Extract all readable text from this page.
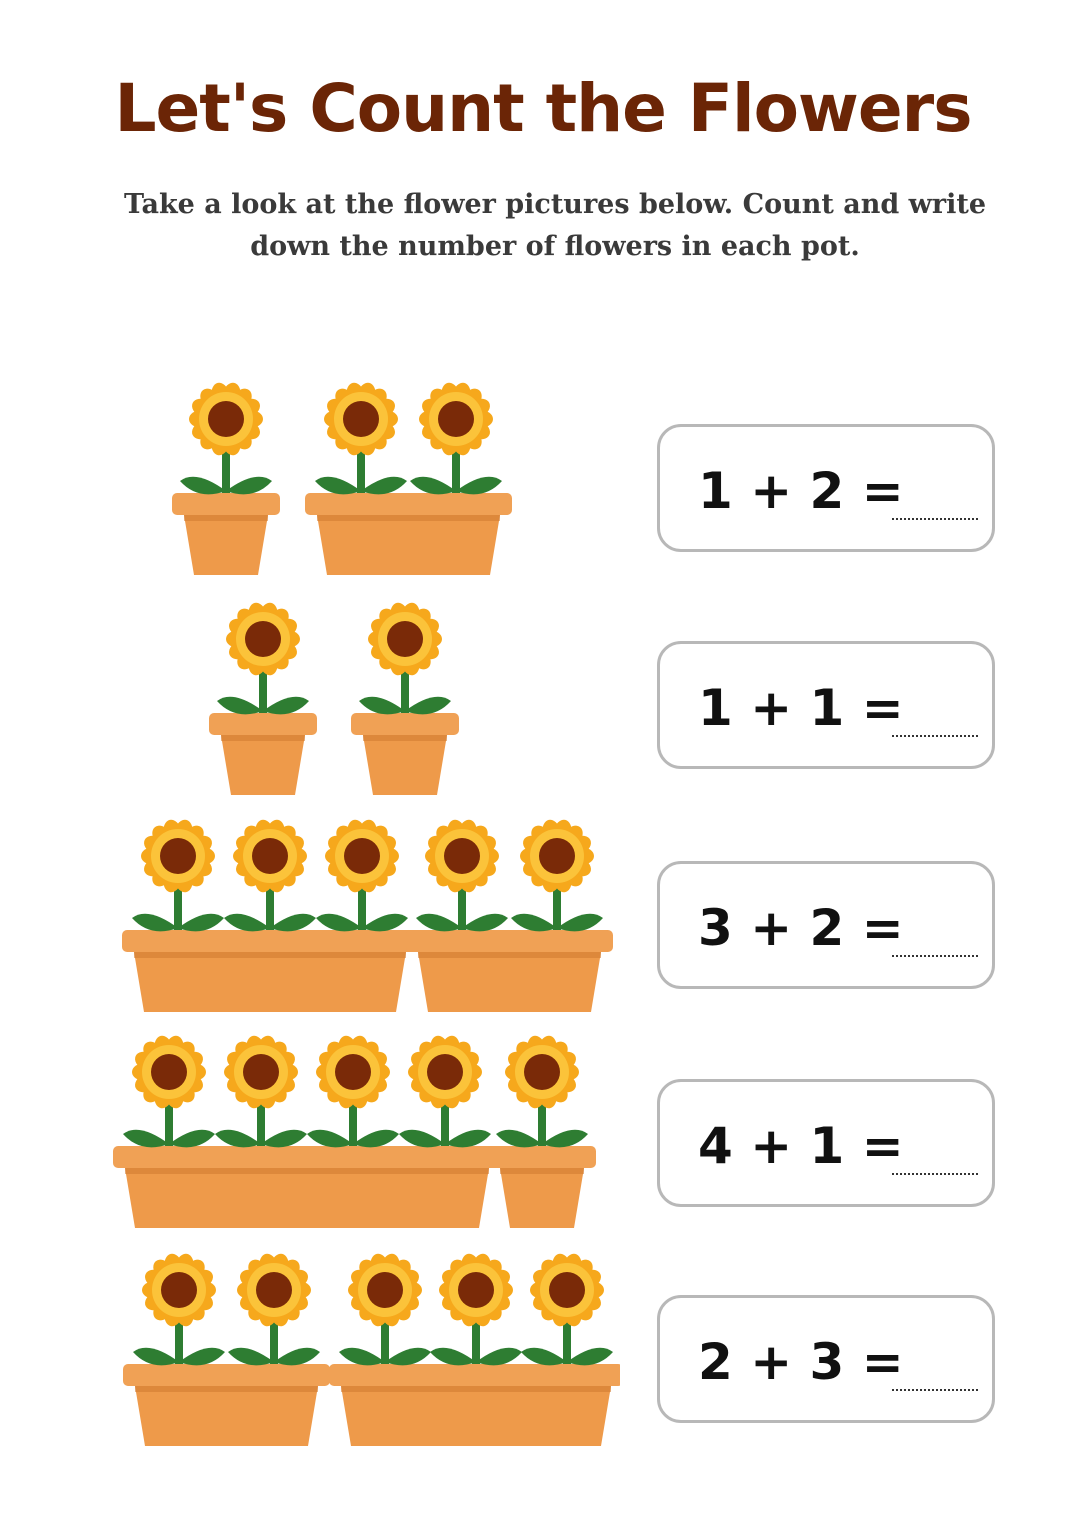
Let's Count the Flowers

Take a look at the flower pictures below. Count and write down the number of flowers in each pot.

1 + 2 =
1 + 1 =
3 + 2 =
4 + 1 =
2 + 3 =
